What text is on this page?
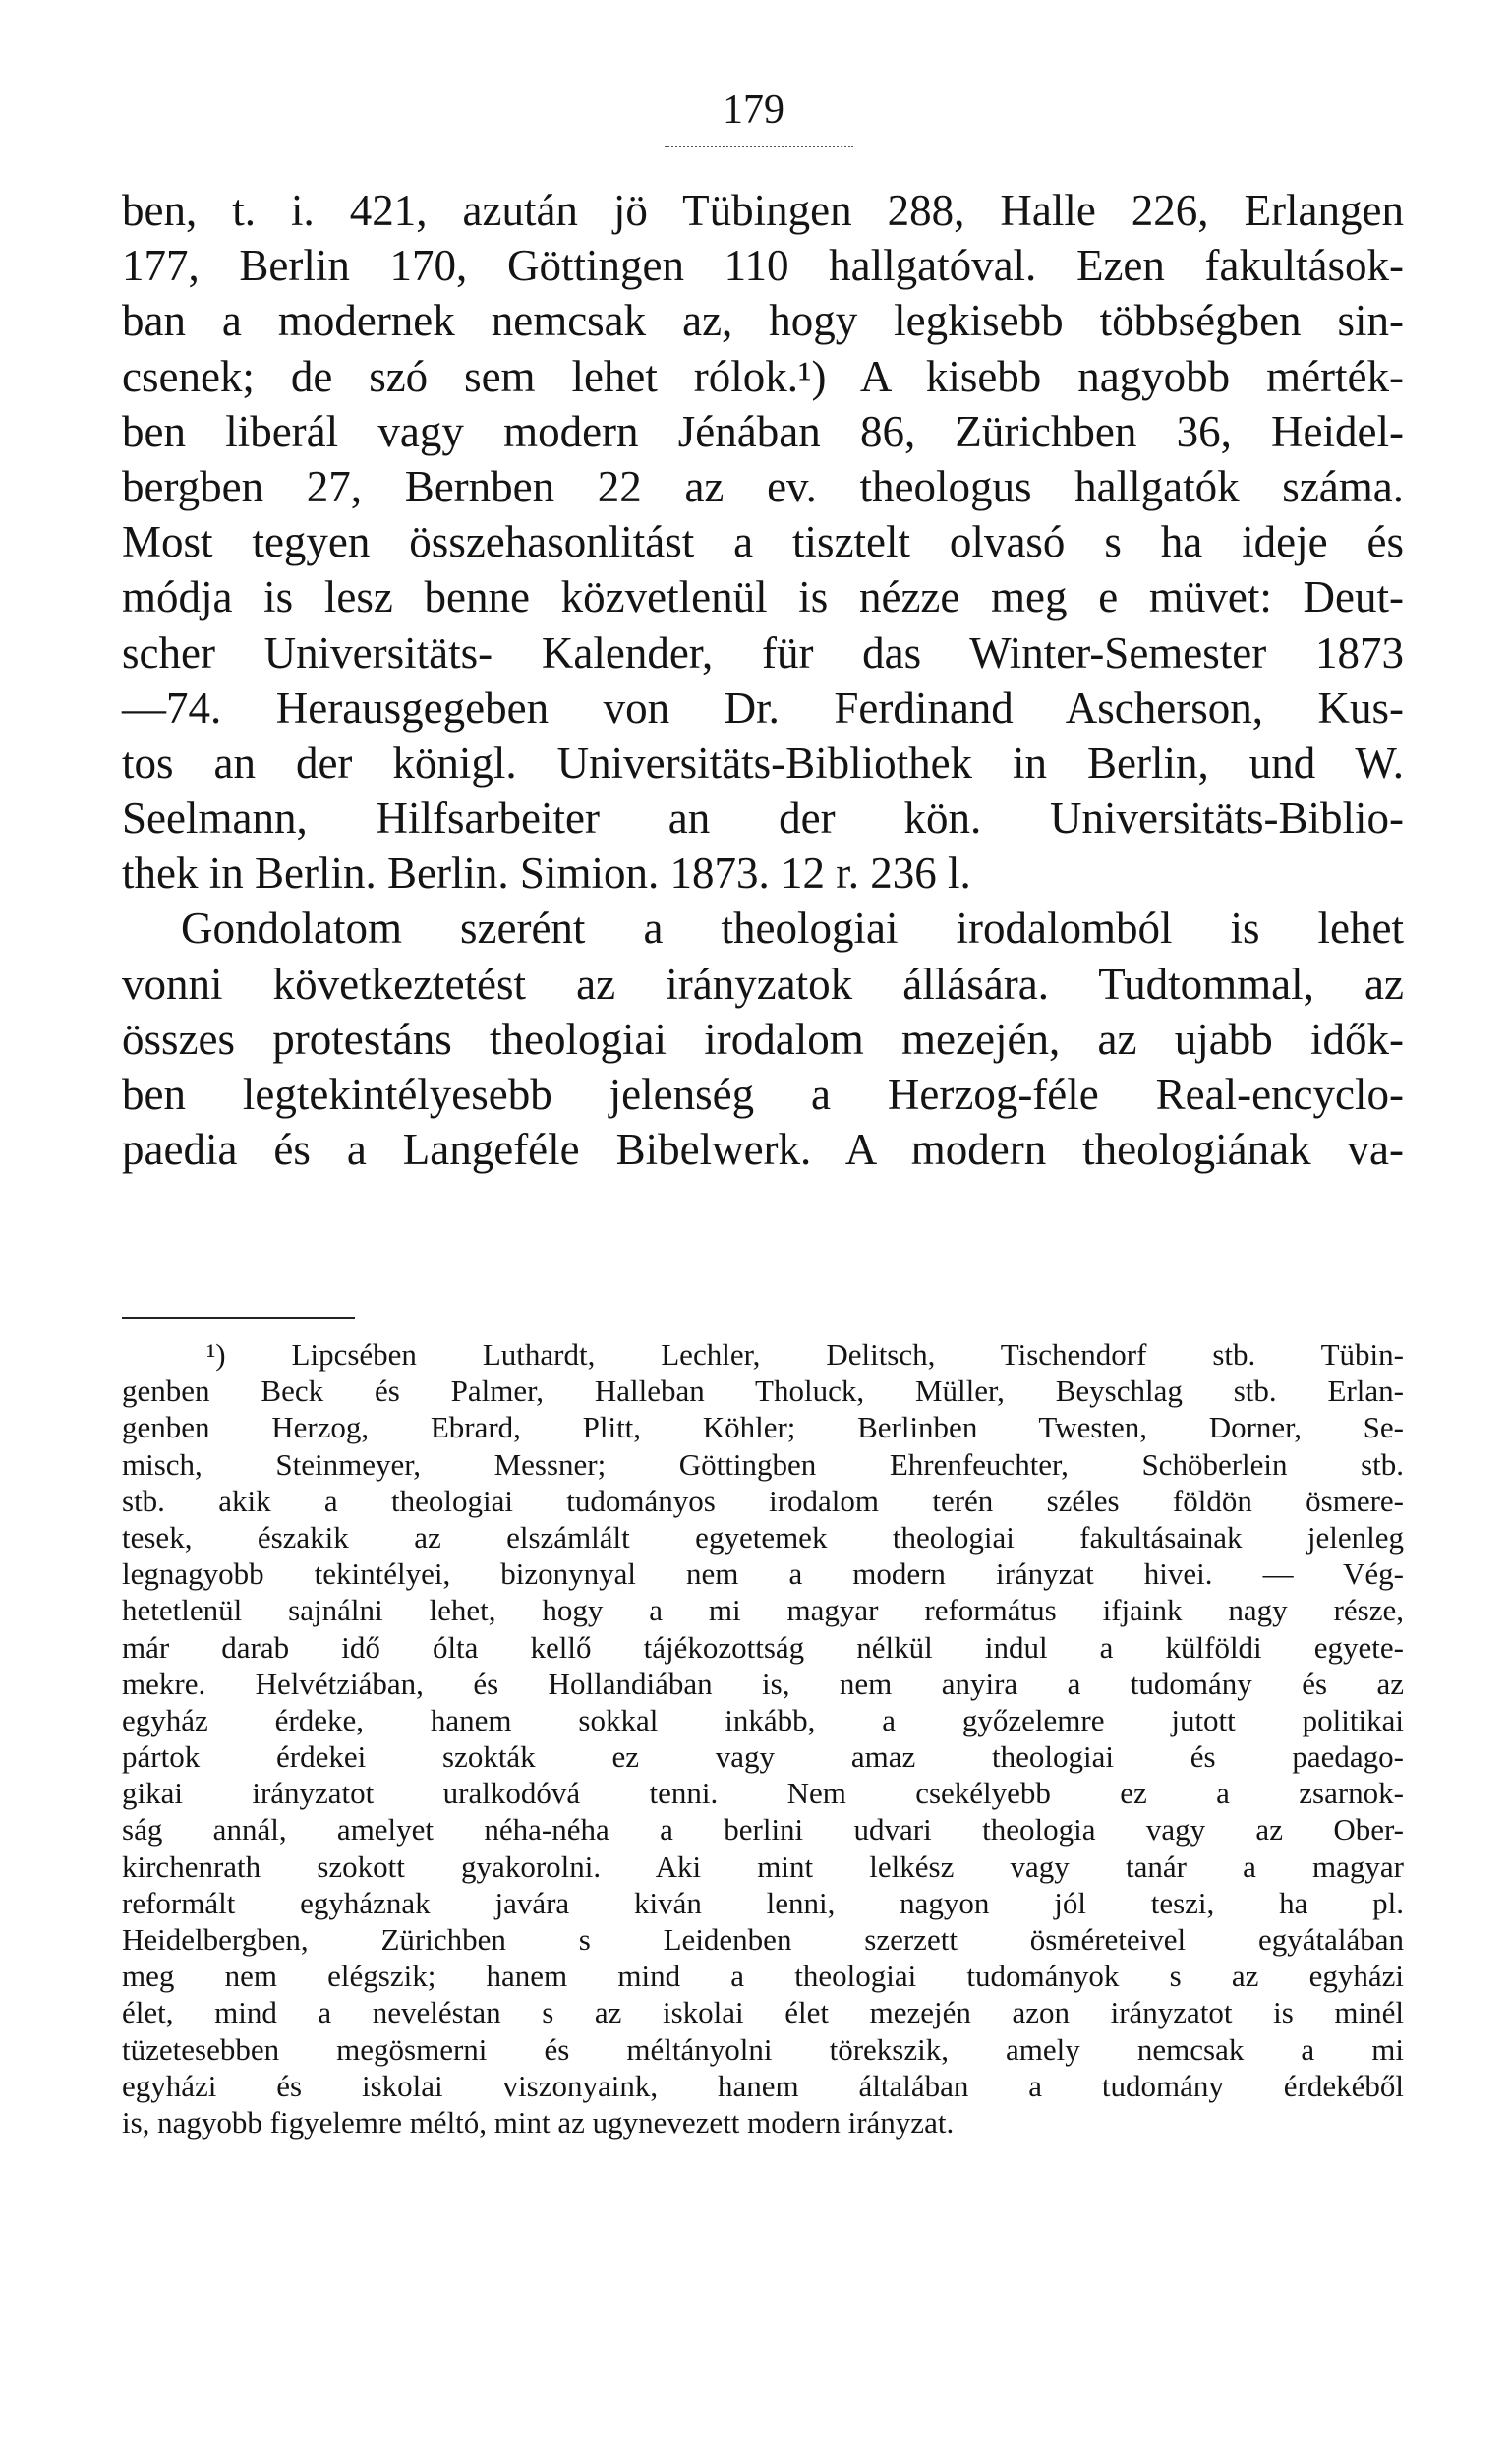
179
ben, t. i. 421, azután jö Tübingen 288, Halle 226, Erlangen
177, Berlin 170, Göttingen 110 hallgatóval. Ezen fakultások-
ban a modernek nemcsak az, hogy legkisebb többségben sin-
csenek; de szó sem lehet rólok.¹) A kisebb nagyobb mérték-
ben liberál vagy modern Jénában 86, Zürichben 36, Heidel-
bergben 27, Bernben 22 az ev. theologus hallgatók száma.
Most tegyen összehasonlitást a tisztelt olvasó s ha ideje és
módja is lesz benne közvetlenül is nézze meg e müvet: Deut-
scher Universitäts- Kalender, für das Winter-Semester 1873
—74. Herausgegeben von Dr. Ferdinand Ascherson, Kus-
tos an der königl. Universitäts-Bibliothek in Berlin, und W.
Seelmann, Hilfsarbeiter an der kön. Universitäts-Biblio-
thek in Berlin. Berlin. Simion. 1873. 12 r. 236 l.
Gondolatom szerént a theologiai irodalomból is lehet
vonni következtetést az irányzatok állására. Tudtommal, az
összes protestáns theologiai irodalom mezején, az ujabb idők-
ben legtekintélyesebb jelenség a Herzog-féle Real-encyclo-
paedia és a Langeféle Bibelwerk. A modern theologiának va-
¹) Lipcsében Luthardt, Lechler, Delitsch, Tischendorf stb. Tübin-
genben Beck és Palmer, Halleban Tholuck, Müller, Beyschlag stb. Erlan-
genben Herzog, Ebrard, Plitt, Köhler; Berlinben Twesten, Dorner, Se-
misch, Steinmeyer, Messner; Göttingben Ehrenfeuchter, Schöberlein stb.
stb. akik a theologiai tudományos irodalom terén széles földön ösmere-
tesek, északik az elszámlált egyetemek theologiai fakultásainak jelenleg
legnagyobb tekintélyei, bizonynyal nem a modern irányzat hivei. — Vég-
hetetlenül sajnálni lehet, hogy a mi magyar református ifjaink nagy része,
már darab idő ólta kellő tájékozottság nélkül indul a külföldi egyete-
mekre. Helvétziában, és Hollandiában is, nem anyira a tudomány és az
egyház érdeke, hanem sokkal inkább, a győzelemre jutott politikai
pártok érdekei szokták ez vagy amaz theologiai és paedago-
gikai irányzatot uralkodóvá tenni. Nem csekélyebb ez a zsarnok-
ság annál, amelyet néha-néha a berlini udvari theologia vagy az Ober-
kirchenrath szokott gyakorolni. Aki mint lelkész vagy tanár a magyar
reformált egyháznak javára kiván lenni, nagyon jól teszi, ha pl.
Heidelbergben, Zürichben s Leidenben szerzett ösméreteivel egyátalában
meg nem elégszik; hanem mind a theologiai tudományok s az egyházi
élet, mind a neveléstan s az iskolai élet mezején azon irányzatot is minél
tüzetesebben megösmerni és méltányolni törekszik, amely nemcsak a mi
egyházi és iskolai viszonyaink, hanem általában a tudomány érdekéből
is, nagyobb figyelemre méltó, mint az ugynevezett modern irányzat.
